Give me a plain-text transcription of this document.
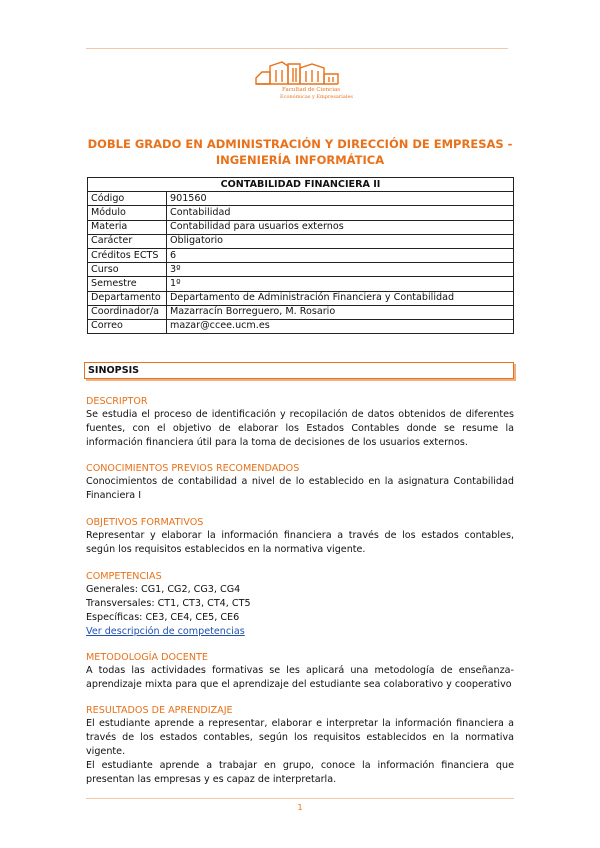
Facultad de Ciencias
Económicas y Empresariales
DOBLE GRADO EN ADMINISTRACIÓN Y DIRECCIÓN DE EMPRESAS - INGENIERÍA INFORMÁTICA
CONTABILIDAD FINANCIERA II	
Código	901560
Módulo	Contabilidad
Materia	Contabilidad para usuarios externos
Carácter	Obligatorio
Créditos ECTS	6
Curso	3º
Semestre	1º
Departamento	Departamento de Administración Financiera y Contabilidad
Coordinador/a	Mazarracín Borreguero, M. Rosario
Correo	mazar@ccee.ucm.es
SINOPSIS
DESCRIPTOR
Se estudia el proceso de identificación y recopilación de datos obtenidos de diferentes fuentes, con el objetivo de elaborar los Estados Contables donde se resume la información financiera útil para la toma de decisiones de los usuarios externos.
CONOCIMIENTOS PREVIOS RECOMENDADOS
Conocimientos de contabilidad a nivel de lo establecido en la asignatura Contabilidad Financiera I
OBJETIVOS FORMATIVOS
Representar y elaborar la información financiera a través de los estados contables, según los requisitos establecidos en la normativa vigente.
COMPETENCIAS
Generales: CG1, CG2, CG3, CG4
Transversales: CT1, CT3, CT4, CT5
Específicas: CE3, CE4, CE5, CE6
Ver descripción de competencias
METODOLOGÍA DOCENTE
A todas las actividades formativas se les aplicará una metodología de enseñanza-aprendizaje mixta para que el aprendizaje del estudiante sea colaborativo y cooperativo
RESULTADOS DE APRENDIZAJE
El estudiante aprende a representar, elaborar e interpretar la información financiera a través de los estados contables, según los requisitos establecidos en la normativa vigente.
El estudiante aprende a trabajar en grupo, conoce la información financiera que presentan las empresas y es capaz de interpretarla.
1
